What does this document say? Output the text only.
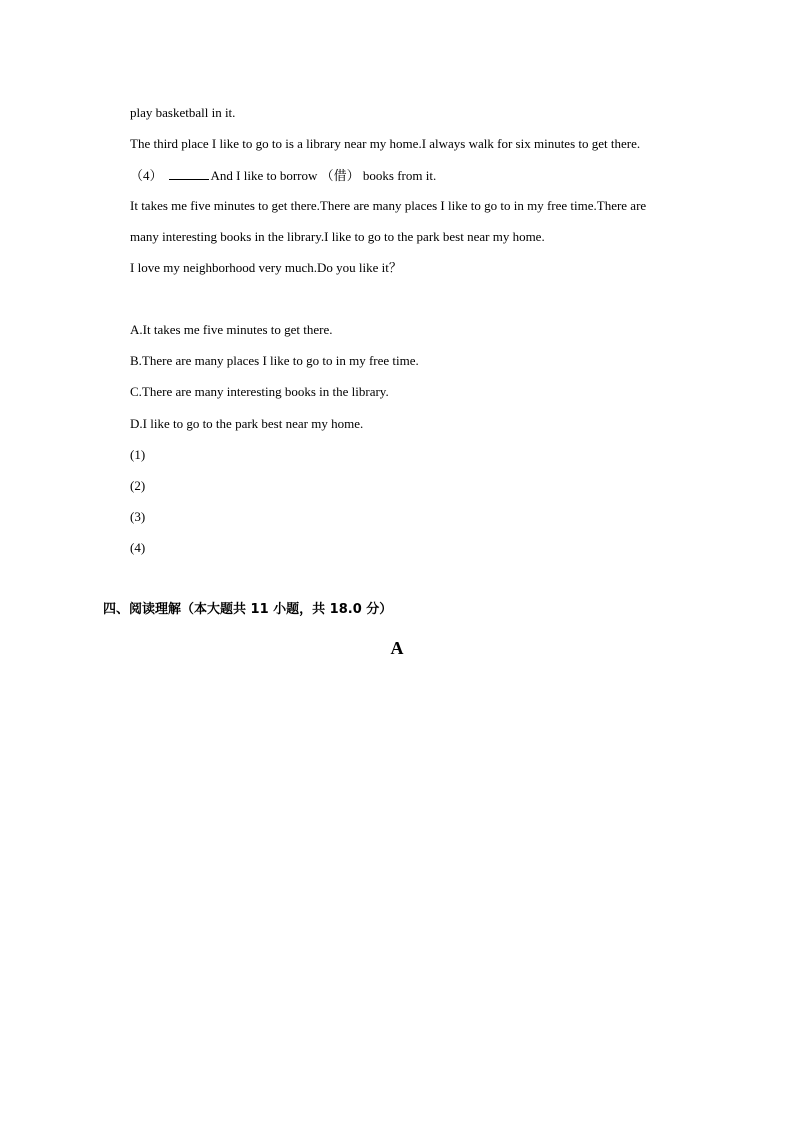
play basketball in it.
The third place I like to go to is a library near my home.I always walk for six minutes to get there.
（4）	And I like to borrow （借） books from it.
It takes me five minutes to get there.There are many places I like to go to in my free time.There are
many interesting books in the library.I like to go to the park best near my home.
I love my neighborhood very much.Do you like it？
A.It takes me five minutes to get there.
B.There are many places I like to go to in my free time.
C.There are many interesting books in the library.
D.I like to go to the park best near my home.
(1)
(2)
(3)
(4)
四、阅读理解（本大题共 11 小题，共 18.0 分）
A
